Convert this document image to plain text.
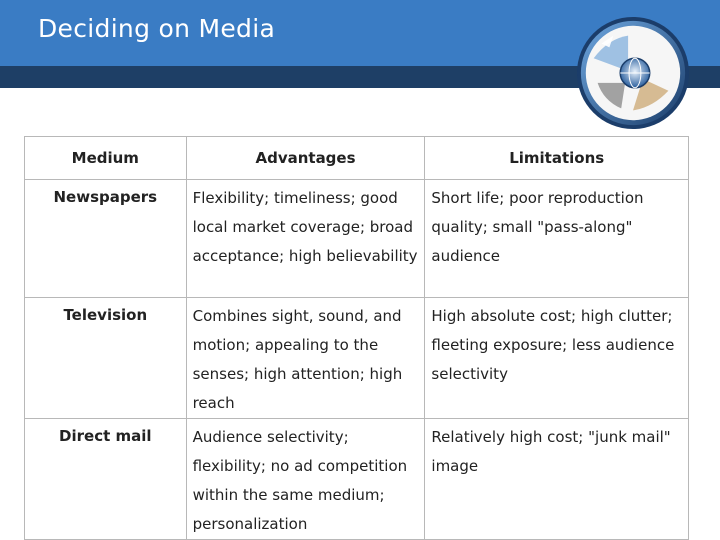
Deciding on Media
Medium	Advantages	Limitations
Newspapers	Flexibility; timeliness; good local market coverage; broad acceptance; high believability	Short life; poor reproduction quality; small "pass-along" audience
Television	Combines sight, sound, and motion; appealing to the senses; high attention; high reach	High absolute cost; high clutter; fleeting exposure; less audience selectivity
Direct mail	Audience selectivity; flexibility; no ad competition within the same medium; personalization	Relatively high cost; "junk mail" image
